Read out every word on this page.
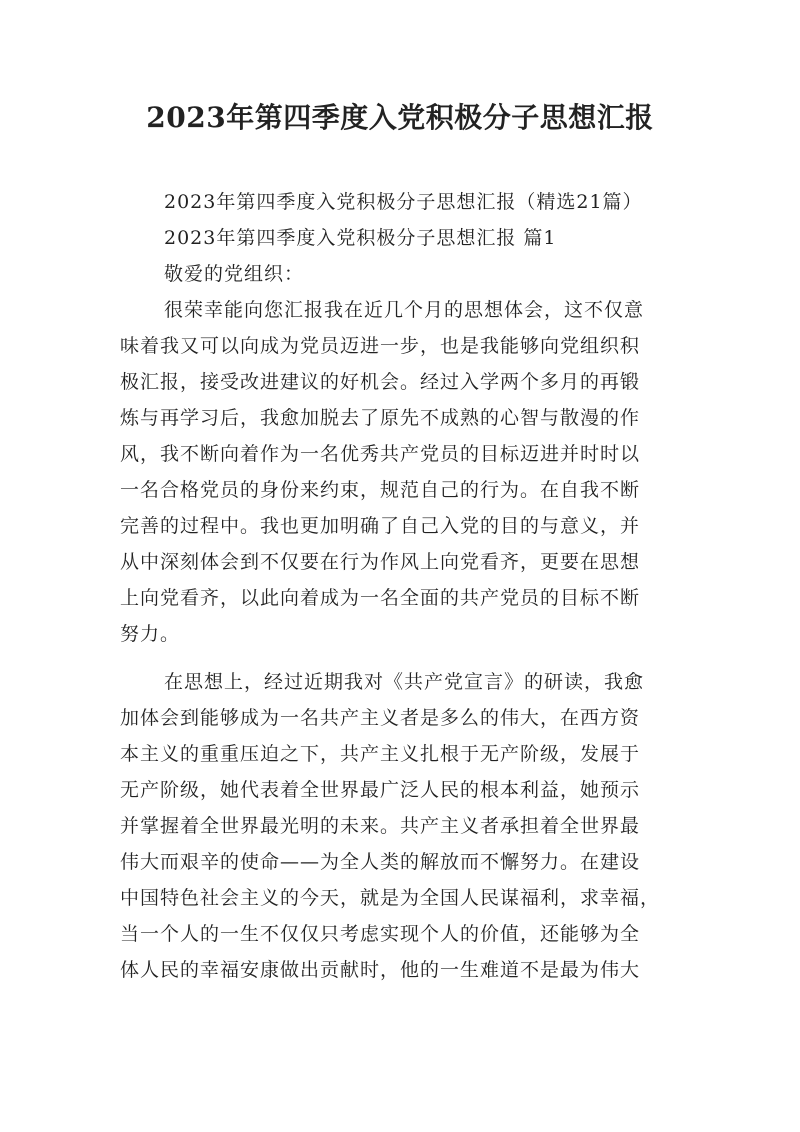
2023年第四季度入党积极分子思想汇报
2023年第四季度入党积极分子思想汇报（精选21篇）
2023年第四季度入党积极分子思想汇报 篇1
敬爱的党组织：
很荣幸能向您汇报我在近几个月的思想体会，这不仅意
味着我又可以向成为党员迈进一步，也是我能够向党组织积
极汇报，接受改进建议的好机会。经过入学两个多月的再锻
炼与再学习后，我愈加脱去了原先不成熟的心智与散漫的作
风，我不断向着作为一名优秀共产党员的目标迈进并时时以
一名合格党员的身份来约束，规范自己的行为。在自我不断
完善的过程中。我也更加明确了自己入党的目的与意义，并
从中深刻体会到不仅要在行为作风上向党看齐，更要在思想
上向党看齐，以此向着成为一名全面的共产党员的目标不断
努力。
在思想上，经过近期我对《共产党宣言》的研读，我愈
加体会到能够成为一名共产主义者是多么的伟大，在西方资
本主义的重重压迫之下，共产主义扎根于无产阶级，发展于
无产阶级，她代表着全世界最广泛人民的根本利益，她预示
并掌握着全世界最光明的未来。共产主义者承担着全世界最
伟大而艰辛的使命——为全人类的解放而不懈努力。在建设
中国特色社会主义的今天，就是为全国人民谋福利，求幸福，
当一个人的一生不仅仅只考虑实现个人的价值，还能够为全
体人民的幸福安康做出贡献时，他的一生难道不是最为伟大
